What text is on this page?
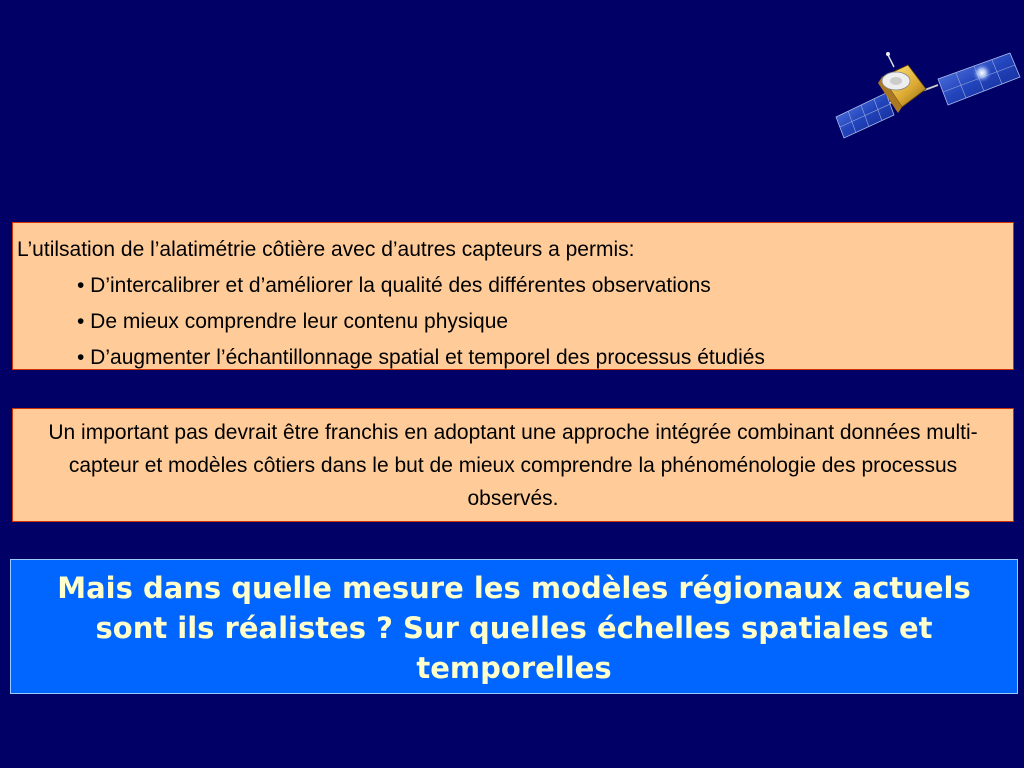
L’utilsation de l’alatimétrie côtière avec d’autres capteurs a permis:
• D’intercalibrer et d’améliorer la qualité des différentes observations
• De mieux comprendre leur contenu physique
• D’augmenter l’échantillonnage spatial et temporel des processus étudiés
Un important pas devrait être franchis en adoptant une approche intégrée combinant données multi-capteur et modèles côtiers dans le but de mieux comprendre la phénoménologie des processus observés.
Mais dans quelle mesure les modèles régionaux actuels sont ils réalistes ? Sur quelles échelles spatiales et temporelles
